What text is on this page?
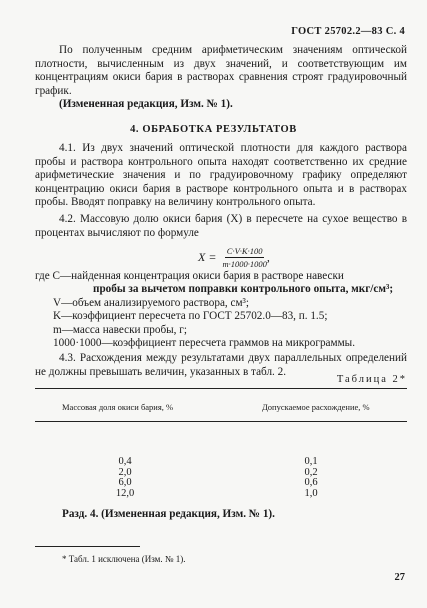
ГОСТ 25702.2—83 С. 4
По полученным средним арифметическим значениям оптической плотности, вычисленным из двух значений, и соответствующим им концентрациям окиси бария в растворах сравнения строят градуировочный график.
(Измененная редакция, Изм. № 1).
4. ОБРАБОТКА РЕЗУЛЬТАТОВ
4.1. Из двух значений оптической плотности для каждого раствора пробы и раствора контрольного опыта находят соответственно их средние арифметические значения и по градуировочному графику определяют концентрацию окиси бария в растворе контрольного опыта и в растворах пробы. Вводят поправку на величину контрольного опыта.
4.2. Массовую долю окиси бария (X) в пересчете на сухое вещество в процентах вычисляют по формуле
$X = \frac{C\cdot V\cdot K\cdot 100}{m\cdot 1000\cdot 1000}$ ,
где C — найденная концентрация окиси бария в растворе навески
пробы за вычетом поправки контрольного опыта, мкг/см³;
V — объем анализируемого раствора, см³;
K — коэффициент пересчета по ГОСТ 25702.0—83, п. 1.5;
m — масса навески пробы, г;
1000·1000 — коэффициент пересчета граммов на микрограммы.
4.3. Расхождения между результатами двух параллельных определений не должны превышать величин, указанных в табл. 2.
Таблица 2*
Массовая доля окиси бария, %	Допускаемое расхождение, %
0,4
2,0
6,0
12,0
0,1
0,2
0,6
1,0
Разд. 4. (Измененная редакция, Изм. № 1).
* Табл. 1 исключена (Изм. № 1).
27
